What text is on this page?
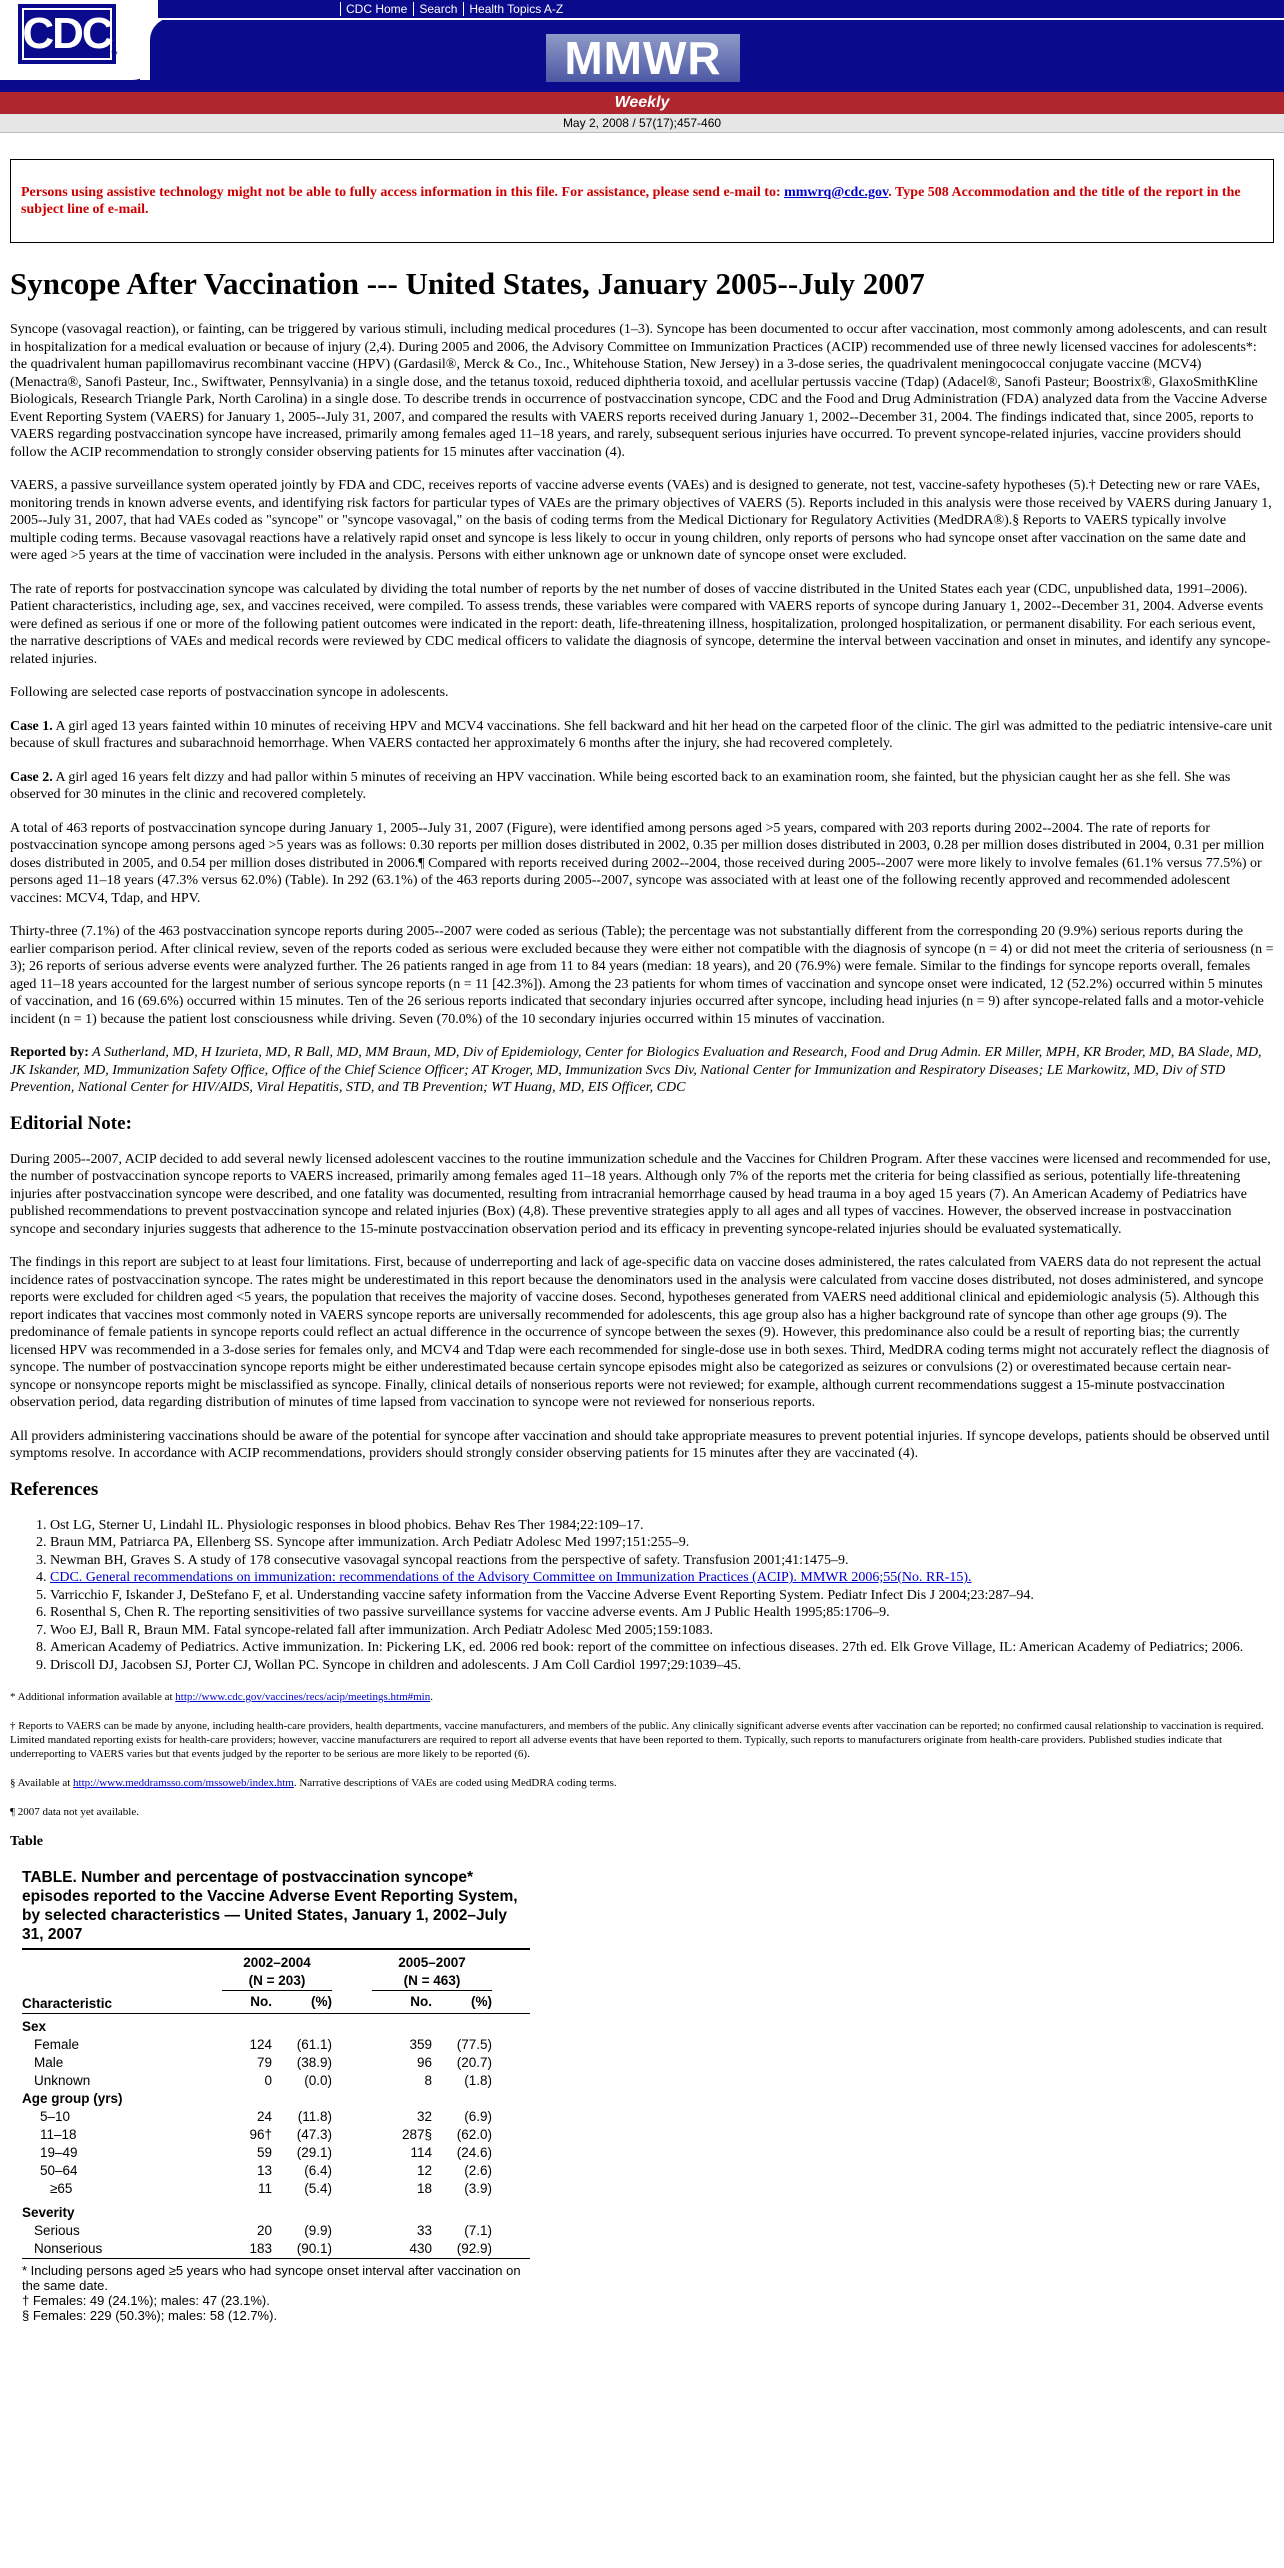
CDC
™
CDC Home Search Health Topics A-Z
MMWR
Weekly
May 2, 2008 / 57(17);457-460
Persons using assistive technology might not be able to fully access information in this file. For assistance, please send e-mail to: mmwrq@cdc.gov. Type 508 Accommodation and the title of the report in the subject line of e-mail.
Syncope After Vaccination --- United States, January 2005--July 2007

Syncope (vasovagal reaction), or fainting, can be triggered by various stimuli, including medical procedures (1–3). Syncope has been documented to occur after vaccination, most commonly among adolescents, and can result in hospitalization for a medical evaluation or because of injury (2,4). During 2005 and 2006, the Advisory Committee on Immunization Practices (ACIP) recommended use of three newly licensed vaccines for adolescents*: the quadrivalent human papillomavirus recombinant vaccine (HPV) (Gardasil®, Merck & Co., Inc., Whitehouse Station, New Jersey) in a 3-dose series, the quadrivalent meningococcal conjugate vaccine (MCV4) (Menactra®, Sanofi Pasteur, Inc., Swiftwater, Pennsylvania) in a single dose, and the tetanus toxoid, reduced diphtheria toxoid, and acellular pertussis vaccine (Tdap) (Adacel®, Sanofi Pasteur; Boostrix®, GlaxoSmithKline Biologicals, Research Triangle Park, North Carolina) in a single dose. To describe trends in occurrence of postvaccination syncope, CDC and the Food and Drug Administration (FDA) analyzed data from the Vaccine Adverse Event Reporting System (VAERS) for January 1, 2005--July 31, 2007, and compared the results with VAERS reports received during January 1, 2002--December 31, 2004. The findings indicated that, since 2005, reports to VAERS regarding postvaccination syncope have increased, primarily among females aged 11–18 years, and rarely, subsequent serious injuries have occurred. To prevent syncope-related injuries, vaccine providers should follow the ACIP recommendation to strongly consider observing patients for 15 minutes after vaccination (4).

VAERS, a passive surveillance system operated jointly by FDA and CDC, receives reports of vaccine adverse events (VAEs) and is designed to generate, not test, vaccine-safety hypotheses (5).† Detecting new or rare VAEs, monitoring trends in known adverse events, and identifying risk factors for particular types of VAEs are the primary objectives of VAERS (5). Reports included in this analysis were those received by VAERS during January 1, 2005--July 31, 2007, that had VAEs coded as "syncope" or "syncope vasovagal," on the basis of coding terms from the Medical Dictionary for Regulatory Activities (MedDRA®).§ Reports to VAERS typically involve multiple coding terms. Because vasovagal reactions have a relatively rapid onset and syncope is less likely to occur in young children, only reports of persons who had syncope onset after vaccination on the same date and were aged >5 years at the time of vaccination were included in the analysis. Persons with either unknown age or unknown date of syncope onset were excluded.

The rate of reports for postvaccination syncope was calculated by dividing the total number of reports by the net number of doses of vaccine distributed in the United States each year (CDC, unpublished data, 1991–2006). Patient characteristics, including age, sex, and vaccines received, were compiled. To assess trends, these variables were compared with VAERS reports of syncope during January 1, 2002--December 31, 2004. Adverse events were defined as serious if one or more of the following patient outcomes were indicated in the report: death, life-threatening illness, hospitalization, prolonged hospitalization, or permanent disability. For each serious event, the narrative descriptions of VAEs and medical records were reviewed by CDC medical officers to validate the diagnosis of syncope, determine the interval between vaccination and onset in minutes, and identify any syncope-related injuries.

Following are selected case reports of postvaccination syncope in adolescents.

Case 1. A girl aged 13 years fainted within 10 minutes of receiving HPV and MCV4 vaccinations. She fell backward and hit her head on the carpeted floor of the clinic. The girl was admitted to the pediatric intensive-care unit because of skull fractures and subarachnoid hemorrhage. When VAERS contacted her approximately 6 months after the injury, she had recovered completely.

Case 2. A girl aged 16 years felt dizzy and had pallor within 5 minutes of receiving an HPV vaccination. While being escorted back to an examination room, she fainted, but the physician caught her as she fell. She was observed for 30 minutes in the clinic and recovered completely.

A total of 463 reports of postvaccination syncope during January 1, 2005--July 31, 2007 (Figure), were identified among persons aged >5 years, compared with 203 reports during 2002--2004. The rate of reports for postvaccination syncope among persons aged >5 years was as follows: 0.30 reports per million doses distributed in 2002, 0.35 per million doses distributed in 2003, 0.28 per million doses distributed in 2004, 0.31 per million doses distributed in 2005, and 0.54 per million doses distributed in 2006.¶ Compared with reports received during 2002--2004, those received during 2005--2007 were more likely to involve females (61.1% versus 77.5%) or persons aged 11–18 years (47.3% versus 62.0%) (Table). In 292 (63.1%) of the 463 reports during 2005--2007, syncope was associated with at least one of the following recently approved and recommended adolescent vaccines: MCV4, Tdap, and HPV.

Thirty-three (7.1%) of the 463 postvaccination syncope reports during 2005--2007 were coded as serious (Table); the percentage was not substantially different from the corresponding 20 (9.9%) serious reports during the earlier comparison period. After clinical review, seven of the reports coded as serious were excluded because they were either not compatible with the diagnosis of syncope (n = 4) or did not meet the criteria of seriousness (n = 3); 26 reports of serious adverse events were analyzed further. The 26 patients ranged in age from 11 to 84 years (median: 18 years), and 20 (76.9%) were female. Similar to the findings for syncope reports overall, females aged 11–18 years accounted for the largest number of serious syncope reports (n = 11 [42.3%]). Among the 23 patients for whom times of vaccination and syncope onset were indicated, 12 (52.2%) occurred within 5 minutes of vaccination, and 16 (69.6%) occurred within 15 minutes. Ten of the 26 serious reports indicated that secondary injuries occurred after syncope, including head injuries (n = 9) after syncope-related falls and a motor-vehicle incident (n = 1) because the patient lost consciousness while driving. Seven (70.0%) of the 10 secondary injuries occurred within 15 minutes of vaccination.

Reported by: A Sutherland, MD, H Izurieta, MD, R Ball, MD, MM Braun, MD, Div of Epidemiology, Center for Biologics Evaluation and Research, Food and Drug Admin. ER Miller, MPH, KR Broder, MD, BA Slade, MD, JK Iskander, MD, Immunization Safety Office, Office of the Chief Science Officer; AT Kroger, MD, Immunization Svcs Div, National Center for Immunization and Respiratory Diseases; LE Markowitz, MD, Div of STD Prevention, National Center for HIV/AIDS, Viral Hepatitis, STD, and TB Prevention; WT Huang, MD, EIS Officer, CDC

Editorial Note:

During 2005--2007, ACIP decided to add several newly licensed adolescent vaccines to the routine immunization schedule and the Vaccines for Children Program. After these vaccines were licensed and recommended for use, the number of postvaccination syncope reports to VAERS increased, primarily among females aged 11–18 years. Although only 7% of the reports met the criteria for being classified as serious, potentially life-threatening injuries after postvaccination syncope were described, and one fatality was documented, resulting from intracranial hemorrhage caused by head trauma in a boy aged 15 years (7). An American Academy of Pediatrics have published recommendations to prevent postvaccination syncope and related injuries (Box) (4,8). These preventive strategies apply to all ages and all types of vaccines. However, the observed increase in postvaccination syncope and secondary injuries suggests that adherence to the 15-minute postvaccination observation period and its efficacy in preventing syncope-related injuries should be evaluated systematically.

The findings in this report are subject to at least four limitations. First, because of underreporting and lack of age-specific data on vaccine doses administered, the rates calculated from VAERS data do not represent the actual incidence rates of postvaccination syncope. The rates might be underestimated in this report because the denominators used in the analysis were calculated from vaccine doses distributed, not doses administered, and syncope reports were excluded for children aged <5 years, the population that receives the majority of vaccine doses. Second, hypotheses generated from VAERS need additional clinical and epidemiologic analysis (5). Although this report indicates that vaccines most commonly noted in VAERS syncope reports are universally recommended for adolescents, this age group also has a higher background rate of syncope than other age groups (9). The predominance of female patients in syncope reports could reflect an actual difference in the occurrence of syncope between the sexes (9). However, this predominance also could be a result of reporting bias; the currently licensed HPV was recommended in a 3-dose series for females only, and MCV4 and Tdap were each recommended for single-dose use in both sexes. Third, MedDRA coding terms might not accurately reflect the diagnosis of syncope. The number of postvaccination syncope reports might be either underestimated because certain syncope episodes might also be categorized as seizures or convulsions (2) or overestimated because certain near-syncope or nonsyncope reports might be misclassified as syncope. Finally, clinical details of nonserious reports were not reviewed; for example, although current recommendations suggest a 15-minute postvaccination observation period, data regarding distribution of minutes of time lapsed from vaccination to syncope were not reviewed for nonserious reports.

All providers administering vaccinations should be aware of the potential for syncope after vaccination and should take appropriate measures to prevent potential injuries. If syncope develops, patients should be observed until symptoms resolve. In accordance with ACIP recommendations, providers should strongly consider observing patients for 15 minutes after they are vaccinated (4).

References
1. Ost LG, Sterner U, Lindahl IL. Physiologic responses in blood phobics. Behav Res Ther 1984;22:109–17.
2. Braun MM, Patriarca PA, Ellenberg SS. Syncope after immunization. Arch Pediatr Adolesc Med 1997;151:255–9.
3. Newman BH, Graves S. A study of 178 consecutive vasovagal syncopal reactions from the perspective of safety. Transfusion 2001;41:1475–9.
4. CDC. General recommendations on immunization: recommendations of the Advisory Committee on Immunization Practices (ACIP). MMWR 2006;55(No. RR-15).
5. Varricchio F, Iskander J, DeStefano F, et al. Understanding vaccine safety information from the Vaccine Adverse Event Reporting System. Pediatr Infect Dis J 2004;23:287–94.
6. Rosenthal S, Chen R. The reporting sensitivities of two passive surveillance systems for vaccine adverse events. Am J Public Health 1995;85:1706–9.
7. Woo EJ, Ball R, Braun MM. Fatal syncope-related fall after immunization. Arch Pediatr Adolesc Med 2005;159:1083.
8. American Academy of Pediatrics. Active immunization. In: Pickering LK, ed. 2006 red book: report of the committee on infectious diseases. 27th ed. Elk Grove Village, IL: American Academy of Pediatrics; 2006.
9. Driscoll DJ, Jacobsen SJ, Porter CJ, Wollan PC. Syncope in children and adolescents. J Am Coll Cardiol 1997;29:1039–45.

* Additional information available at http://www.cdc.gov/vaccines/recs/acip/meetings.htm#min.

† Reports to VAERS can be made by anyone, including health-care providers, health departments, vaccine manufacturers, and members of the public. Any clinically significant adverse events after vaccination can be reported; no confirmed causal relationship to vaccination is required. Limited mandated reporting exists for health-care providers; however, vaccine manufacturers are required to report all adverse events that have been reported to them. Typically, such reports to manufacturers originate from health-care providers. Published studies indicate that underreporting to VAERS varies but that events judged by the reporter to be serious are more likely to be reported (6).

§ Available at http://www.meddramsso.com/mssoweb/index.htm. Narrative descriptions of VAEs are coded using MedDRA coding terms.

¶ 2007 data not yet available.

Table
TABLE. Number and percentage of postvaccination syncope* episodes reported to the Vaccine Adverse Event Reporting System, by selected characteristics — United States, January 1, 2002–July 31, 2007
	2002–2004
(N = 203)			2005–2007
(N = 463)		
Characteristic	No.	(%)		No.	(%)	
Sex						
Female	124	(61.1)		359	(77.5)	
Male	79	(38.9)		96	(20.7)	
Unknown	0	(0.0)		8	(1.8)	
Age group (yrs)						
5–10	24	(11.8)		32	(6.9)	
11–18	96†	(47.3)		287§	(62.0)	
19–49	59	(29.1)		114	(24.6)	
50–64	13	(6.4)		12	(2.6)	
≥65	11	(5.4)		18	(3.9)	
Severity						
Serious	20	(9.9)		33	(7.1)	
Nonserious	183	(90.1)		430	(92.9)	
* Including persons aged ≥5 years who had syncope onset interval after vaccination on the same date.
† Females: 49 (24.1%); males: 47 (23.1%).
§ Females: 229 (50.3%); males: 58 (12.7%).
